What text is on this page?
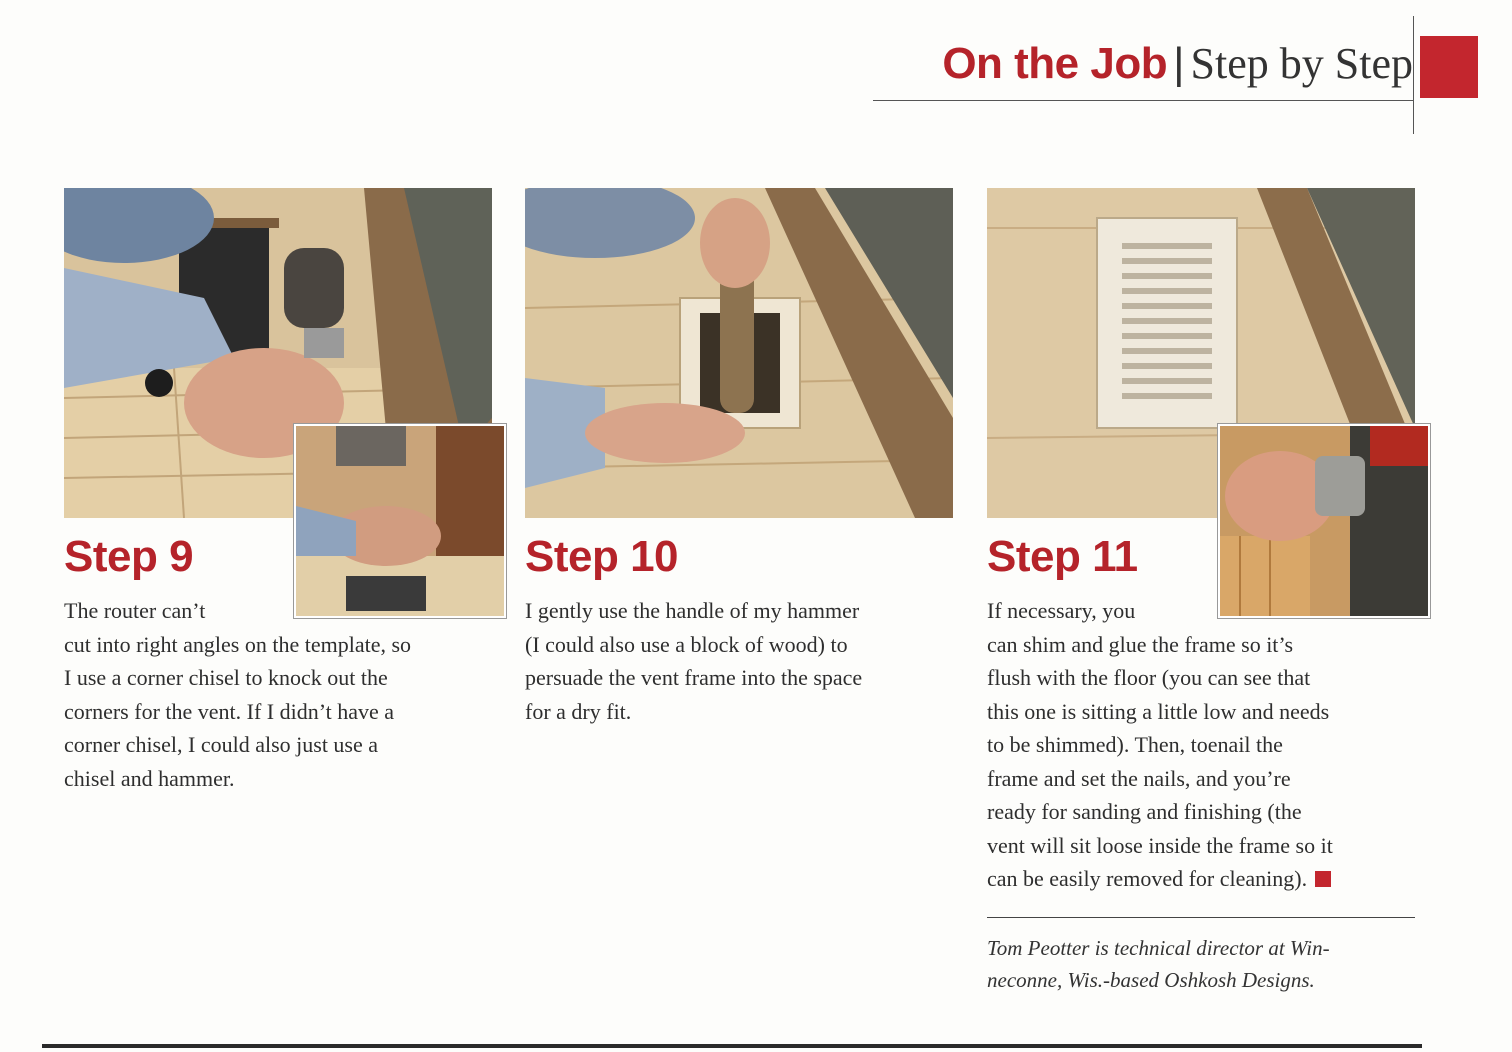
On the Job | Step by Step
Step 9
The router can’t
cut into right angles on the template, so
I use a corner chisel to knock out the
corners for the vent. If I didn’t have a
corner chisel, I could also just use a
chisel and hammer.
Step 10
I gently use the handle of my hammer
(I could also use a block of wood) to
persuade the vent frame into the space
for a dry fit.
Step 11
If necessary, you
can shim and glue the frame so it’s
flush with the floor (you can see that
this one is sitting a little low and needs
to be shimmed). Then, toenail the
frame and set the nails, and you’re
ready for sanding and finishing (the
vent will sit loose inside the frame so it
can be easily removed for cleaning).
Tom Peotter is technical director at Win-
neconne, Wis.-based Oshkosh Designs.
